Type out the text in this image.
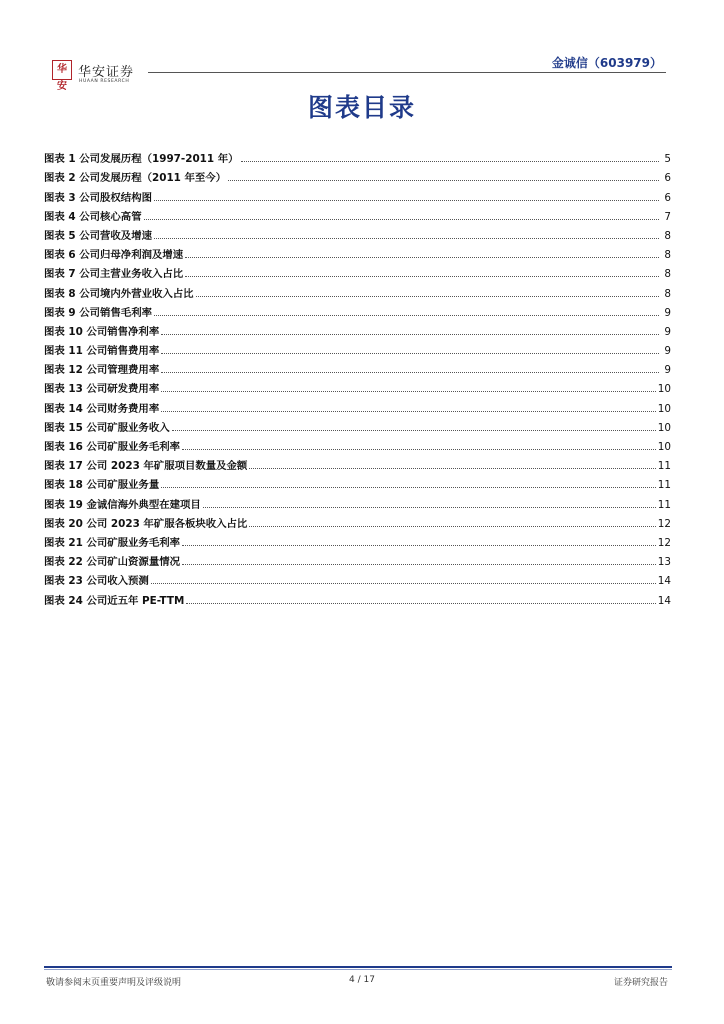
华安
华安证券
HUAAN RESEARCH
金诚信（603979）
图表目录
图表 1 公司发展历程（1997-2011 年）	5
图表 2 公司发展历程（2011 年至今）	6
图表 3 公司股权结构图	6
图表 4 公司核心高管	7
图表 5 公司营收及增速	8
图表 6 公司归母净利润及增速	8
图表 7 公司主营业务收入占比	8
图表 8 公司境内外营业收入占比	8
图表 9 公司销售毛利率	9
图表 10 公司销售净利率	9
图表 11 公司销售费用率	9
图表 12 公司管理费用率	9
图表 13 公司研发费用率	10
图表 14 公司财务费用率	10
图表 15 公司矿服业务收入	10
图表 16 公司矿服业务毛利率	10
图表 17 公司 2023 年矿服项目数量及金额	11
图表 18 公司矿服业务量	11
图表 19 金诚信海外典型在建项目	11
图表 20 公司 2023 年矿服各板块收入占比	12
图表 21 公司矿服业务毛利率	12
图表 22 公司矿山资源量情况	13
图表 23 公司收入预测	14
图表 24 公司近五年 PE-TTM	14
敬请参阅末页重要声明及评级说明	4 / 17	证券研究报告
